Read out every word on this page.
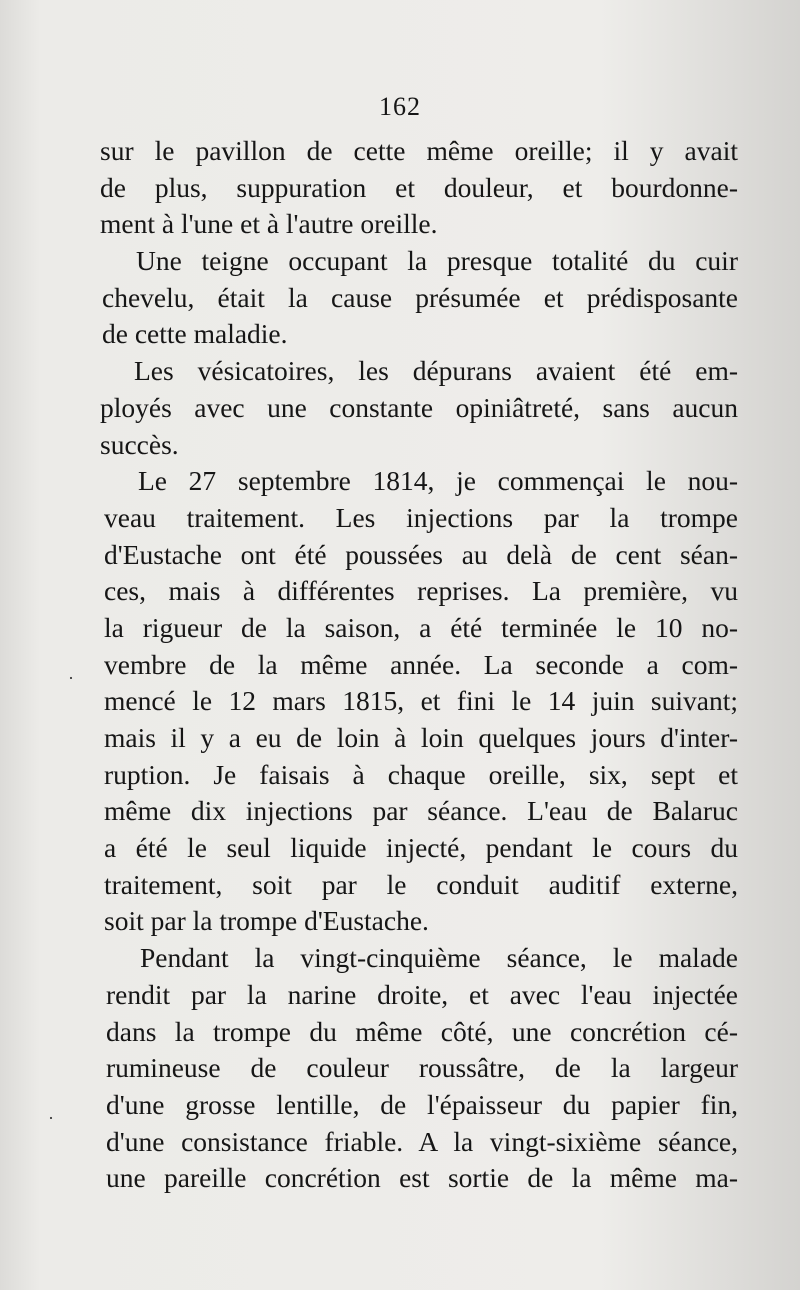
162
sur le pavillon de cette même oreille; il y avait
de plus, suppuration et douleur, et bourdonne-
ment à l'une et à l'autre oreille.
Une teigne occupant la presque totalité du cuir
chevelu, était la cause présumée et prédisposante
de cette maladie.
Les vésicatoires, les dépurans avaient été em-
ployés avec une constante opiniâtreté, sans aucun
succès.
Le 27 septembre 1814, je commençai le nou-
veau traitement. Les injections par la trompe
d'Eustache ont été poussées au delà de cent séan-
ces, mais à différentes reprises. La première, vu
la rigueur de la saison, a été terminée le 10 no-
vembre de la même année. La seconde a com-
mencé le 12 mars 1815, et fini le 14 juin suivant;
mais il y a eu de loin à loin quelques jours d'inter-
ruption. Je faisais à chaque oreille, six, sept et
même dix injections par séance. L'eau de Balaruc
a été le seul liquide injecté, pendant le cours du
traitement, soit par le conduit auditif externe,
soit par la trompe d'Eustache.
Pendant la vingt-cinquième séance, le malade
rendit par la narine droite, et avec l'eau injectée
dans la trompe du même côté, une concrétion cé-
rumineuse de couleur roussâtre, de la largeur
d'une grosse lentille, de l'épaisseur du papier fin,
d'une consistance friable. A la vingt-sixième séance,
une pareille concrétion est sortie de la même ma-
·
·
